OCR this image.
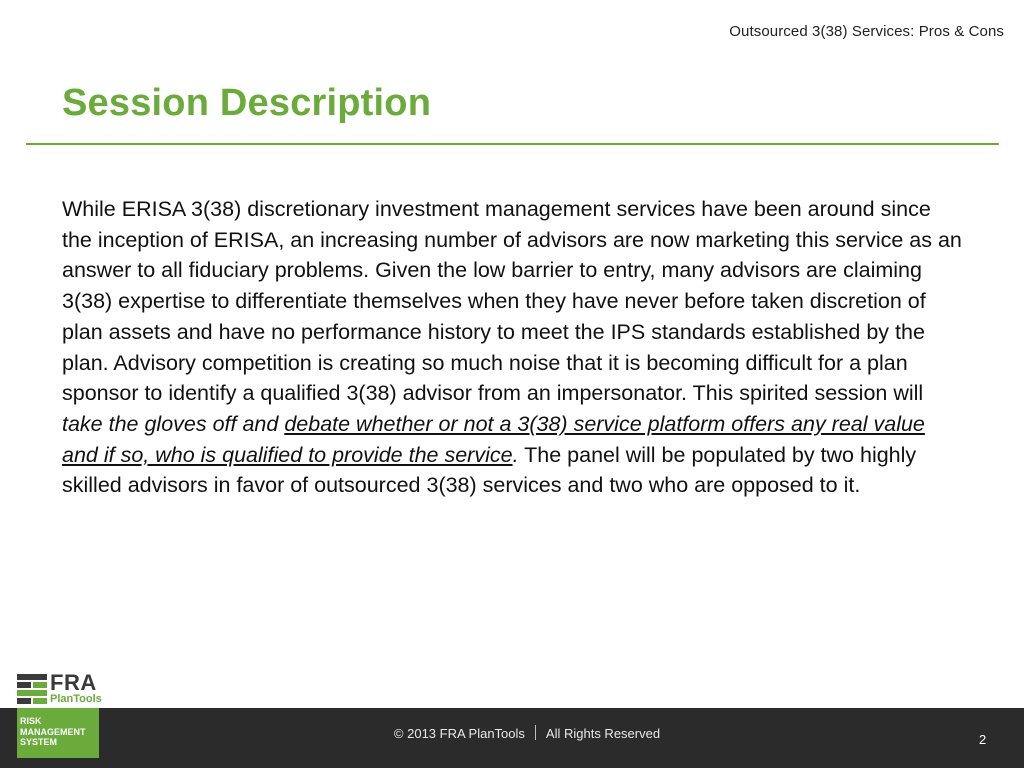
Outsourced 3(38) Services: Pros & Cons
Session Description
While ERISA 3(38) discretionary investment management services have been around since the inception of ERISA, an increasing number of advisors are now marketing this service as an answer to all fiduciary problems. Given the low barrier to entry, many advisors are claiming 3(38) expertise to differentiate themselves when they have never before taken discretion of plan assets and have no performance history to meet the IPS standards established by the plan. Advisory competition is creating so much noise that it is becoming difficult for a plan sponsor to identify a qualified 3(38) advisor from an impersonator. This spirited session will take the gloves off and debate whether or not a 3(38) service platform offers any real value and if so, who is qualified to provide the service. The panel will be populated by two highly skilled advisors in favor of outsourced 3(38) services and two who are opposed to it.
FRA
PlanTools
RISK
MANAGEMENT
SYSTEM
© 2013 FRA PlanTools All Rights Reserved	2
